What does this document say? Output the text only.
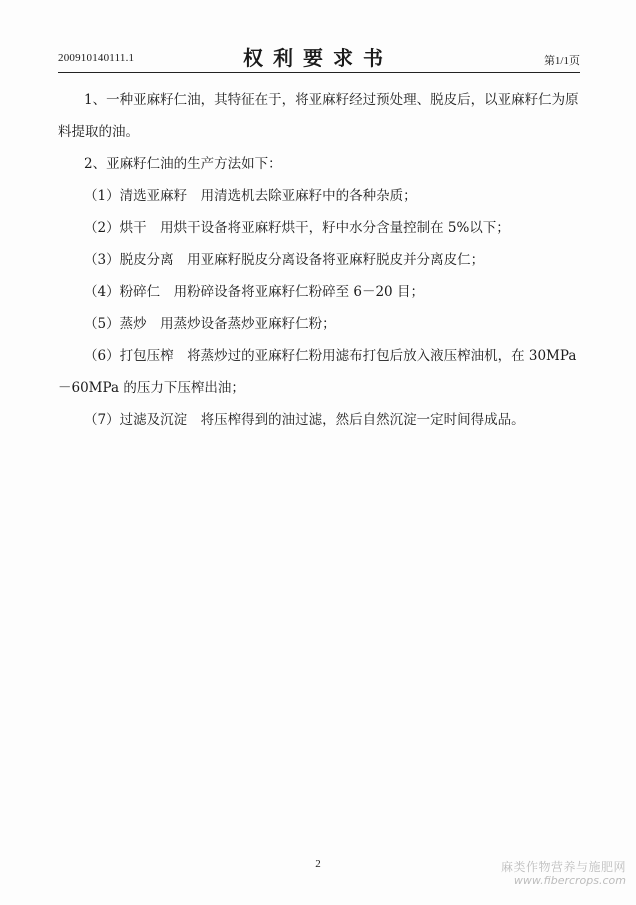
200910140111.1	权利要求书	第1/1页

1、一种亚麻籽仁油，其特征在于，将亚麻籽经过预处理、脱皮后，以亚麻籽仁为原料提取的油。

2、亚麻籽仁油的生产方法如下：

（1）清选亚麻籽　用清选机去除亚麻籽中的各种杂质；

（2）烘干　用烘干设备将亚麻籽烘干，籽中水分含量控制在 5%以下；

（3）脱皮分离　用亚麻籽脱皮分离设备将亚麻籽脱皮并分离皮仁；

（4）粉碎仁　用粉碎设备将亚麻籽仁粉碎至 6－20 目；

（5）蒸炒　用蒸炒设备蒸炒亚麻籽仁粉；

（6）打包压榨　将蒸炒过的亚麻籽仁粉用滤布打包后放入液压榨油机，在 30MPa－60MPa 的压力下压榨出油；

（7）过滤及沉淀　将压榨得到的油过滤，然后自然沉淀一定时间得成品。

2	麻类作物营养与施肥网
www.fibercrops.com
